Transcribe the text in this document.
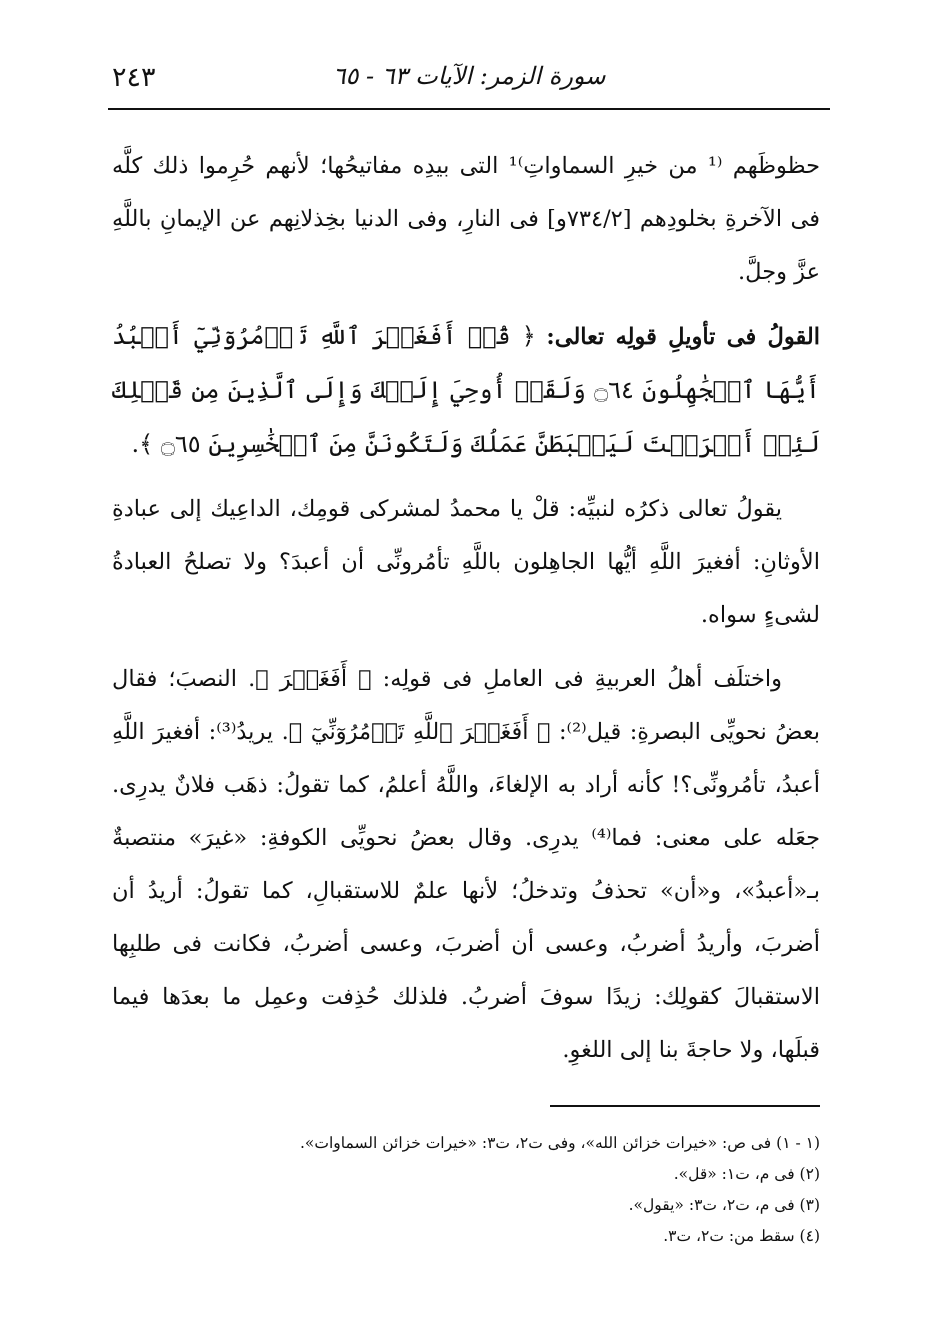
٢٤٣	سورة الزمر: الآيات ٦٣ - ٦٥

حظوظَهم ⁽¹ من خيرِ السماواتِ⁾¹ التى بيدِه مفاتيحُها؛ لأنهم حُرِموا ذلك كلَّه فى الآخرةِ بخلودِهم [٧٣٤/٢و] فى النارِ، وفى الدنيا بخِذلانِهم عن الإيمانِ باللَّهِ عزَّ وجلَّ.

القولُ فى تأويلِ قولِه تعالى: ﴿ قُلۡ أَفَغَيۡرَ ٱللَّهِ تَأۡمُرُوٓنِّيٓ أَعۡبُدُ أَيُّهَا ٱلۡجَٰهِلُونَ ۝٦٤ وَلَقَدۡ أُوحِيَ إِلَيۡكَ وَإِلَى ٱلَّذِينَ مِن قَبۡلِكَ لَئِنۡ أَشۡرَكۡتَ لَيَحۡبَطَنَّ عَمَلُكَ وَلَتَكُونَنَّ مِنَ ٱلۡخَٰسِرِينَ ۝٦٥ ﴾.

يقولُ تعالى ذكرُه لنبيِّه: قلْ يا محمدُ لمشركى قومِك، الداعِيك إلى عبادةِ الأوثانِ: أفغيرَ اللَّهِ أيُّها الجاهِلون باللَّهِ تأمُرونِّى أن أعبدَ؟ ولا تصلحُ العبادةُ لشىءٍ سواه.

واختلَف أهلُ العربيةِ فى العاملِ فى قولِه: ﴿ أَفَغَيۡرَ ﴾. النصبَ؛ فقال بعضُ نحويِّى البصرةِ: قيل⁽²⁾: ﴿ أَفَغَيۡرَ ٱللَّهِ تَأۡمُرُوٓنِّيٓ ﴾. يريدُ⁽³⁾: أفغيرَ اللَّهِ أعبدُ، تأمُرونِّى؟! كأنه أراد به الإلغاءَ، واللَّهُ أعلمُ، كما تقولُ: ذهَب فلانٌ يدرِى. جعَله على معنى: فما⁽⁴⁾ يدرِى. وقال بعضُ نحويِّى الكوفةِ: «غيرَ» منتصبةٌ بـ«أعبدُ»، و«أن» تحذفُ وتدخلُ؛ لأنها علمٌ للاستقبالِ، كما تقولُ: أريدُ أن أضربَ، وأريدُ أضربُ، وعسى أن أضربَ، وعسى أضربُ، فكانت فى طلبِها الاستقبالَ كقولِك: زيدًا سوفَ أضربُ. فلذلك حُذِفت وعمِل ما بعدَها فيما قبلَها، ولا حاجةَ بنا إلى اللغوِ.

(١ - ١) فى ص: «خيرات خزائن الله»، وفى ت٢، ت٣: «خيرات خزائن السماوات».
(٢) فى م، ت١: «قل».
(٣) فى م، ت٢، ت٣: «يقول».
(٤) سقط من: ت٢، ت٣.
